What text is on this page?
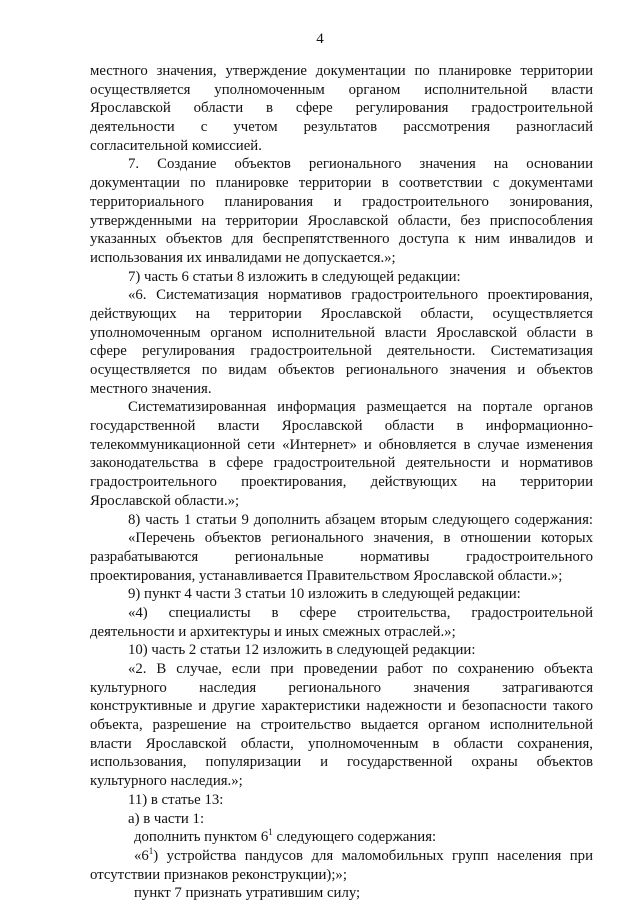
4
местного значения, утверждение документации по планировке территории
осуществляется уполномоченным органом исполнительной власти
Ярославской области в сфере регулирования градостроительной
деятельности с учетом результатов рассмотрения разногласий
согласительной комиссией.
7. Создание объектов регионального значения на основании
документации по планировке территории в соответствии с документами
территориального планирования и градостроительного зонирования,
утвержденными на территории Ярославской области, без приспособления
указанных объектов для беспрепятственного доступа к ним инвалидов и
использования их инвалидами не допускается.»;
7) часть 6 статьи 8 изложить в следующей редакции:
«6. Систематизация нормативов градостроительного проектирования,
действующих на территории Ярославской области, осуществляется
уполномоченным органом исполнительной власти Ярославской области в
сфере регулирования градостроительной деятельности. Систематизация
осуществляется по видам объектов регионального значения и объектов
местного значения.
Систематизированная информация размещается на портале органов
государственной власти Ярославской области в информационно-
телекоммуникационной сети «Интернет» и обновляется в случае изменения
законодательства в сфере градостроительной деятельности и нормативов
градостроительного проектирования, действующих на территории
Ярославской области.»;
8) часть 1 статьи 9 дополнить абзацем вторым следующего содержания:
«Перечень объектов регионального значения, в отношении которых
разрабатываются региональные нормативы градостроительного
проектирования, устанавливается Правительством Ярославской области.»;
9) пункт 4 части 3 статьи 10 изложить в следующей редакции:
«4) специалисты в сфере строительства, градостроительной
деятельности и архитектуры и иных смежных отраслей.»;
10) часть 2 статьи 12 изложить в следующей редакции:
«2. В случае, если при проведении работ по сохранению объекта
культурного наследия регионального значения затрагиваются
конструктивные и другие характеристики надежности и безопасности такого
объекта, разрешение на строительство выдается органом исполнительной
власти Ярославской области, уполномоченным в области сохранения,
использования, популяризации и государственной охраны объектов
культурного наследия.»;
11) в статье 13:
а) в части 1:
дополнить пунктом $6^1$ следующего содержания:
«$6^1$) устройства пандусов для маломобильных групп населения при
отсутствии признаков реконструкции);»;
пункт 7 признать утратившим силу;
